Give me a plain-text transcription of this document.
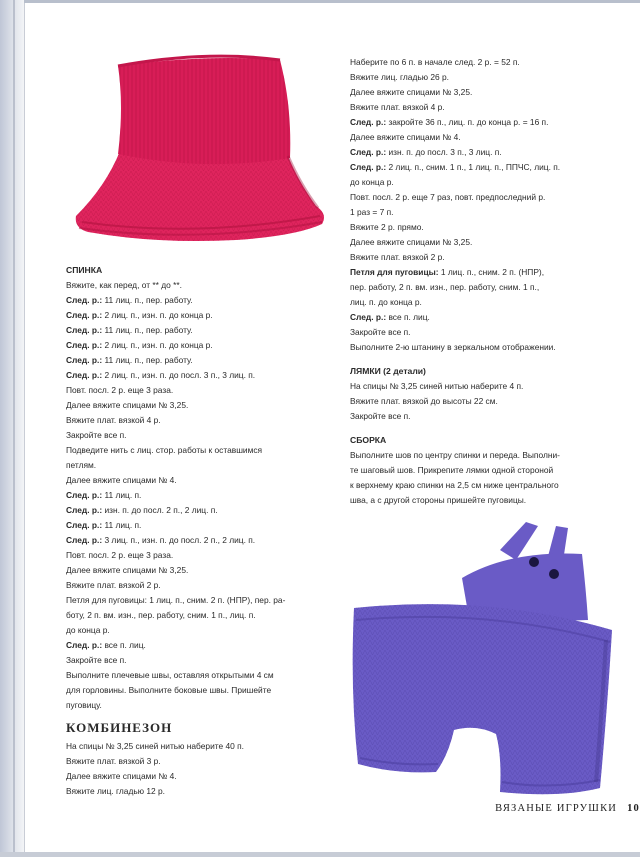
СПИНКА
Вяжите, как перед, от ** до **.
След. р.: 11 лиц. п., пер. работу.
След. р.: 2 лиц. п., изн. п. до конца р.
След. р.: 11 лиц. п., пер. работу.
След. р.: 2 лиц. п., изн. п. до конца р.
След. р.: 11 лиц. п., пер. работу.
След. р.: 2 лиц. п., изн. п. до посл. 3 п., 3 лиц. п.
Повт. посл. 2 р. еще 3 раза.
Далее вяжите спицами № 3,25.
Вяжите плат. вязкой 4 р.
Закройте все п.
Подведите нить с лиц. стор. работы к оставшимся
петлям.
Далее вяжите спицами № 4.
След. р.: 11 лиц. п.
След. р.: изн. п. до посл. 2 п., 2 лиц. п.
След. р.: 11 лиц. п.
След. р.: 3 лиц. п., изн. п. до посл. 2 п., 2 лиц. п.
Повт. посл. 2 р. еще 3 раза.
Далее вяжите спицами № 3,25.
Вяжите плат. вязкой 2 р.
Петля для пуговицы: 1 лиц. п., сним. 2 п. (НПР), пер. ра-
боту, 2 п. вм. изн., пер. работу, сним. 1 п., лиц. п.
до конца р.
След. р.: все п. лиц.
Закройте все п.
Выполните плечевые швы, оставляя открытыми 4 см
для горловины. Выполните боковые швы. Пришейте
пуговицу.
КОМБИНЕЗОН
На спицы № 3,25 синей нитью наберите 40 п.
Вяжите плат. вязкой 3 р.
Далее вяжите спицами № 4.
Вяжите лиц. гладью 12 р.
Наберите по 6 п. в начале след. 2 р. = 52 п.
Вяжите лиц. гладью 26 р.
Далее вяжите спицами № 3,25.
Вяжите плат. вязкой 4 р.
След. р.: закройте 36 п., лиц. п. до конца р. = 16 п.
Далее вяжите спицами № 4.
След. р.: изн. п. до посл. 3 п., 3 лиц. п.
След. р.: 2 лиц. п., сним. 1 п., 1 лиц. п., ППЧС, лиц. п.
до конца р.
Повт. посл. 2 р. еще 7 раз, повт. предпоследний р.
1 раз = 7 п.
Вяжите 2 р. прямо.
Далее вяжите спицами № 3,25.
Вяжите плат. вязкой 2 р.
Петля для пуговицы: 1 лиц. п., сним. 2 п. (НПР),
пер. работу, 2 п. вм. изн., пер. работу, сним. 1 п.,
лиц. п. до конца р.
След. р.: все п. лиц.
Закройте все п.
Выполните 2-ю штанину в зеркальном отображении.
ЛЯМКИ (2 детали)
На спицы № 3,25 синей нитью наберите 4 п.
Вяжите плат. вязкой до высоты 22 см.
Закройте все п.
СБОРКА
Выполните шов по центру спинки и переда. Выполни-
те шаговый шов. Прикрепите лямки одной стороной
к верхнему краю спинки на 2,5 см ниже центрального
шва, а с другой стороны пришейте пуговицы.
ВЯЗАНЫЕ ИГРУШКИ 10
